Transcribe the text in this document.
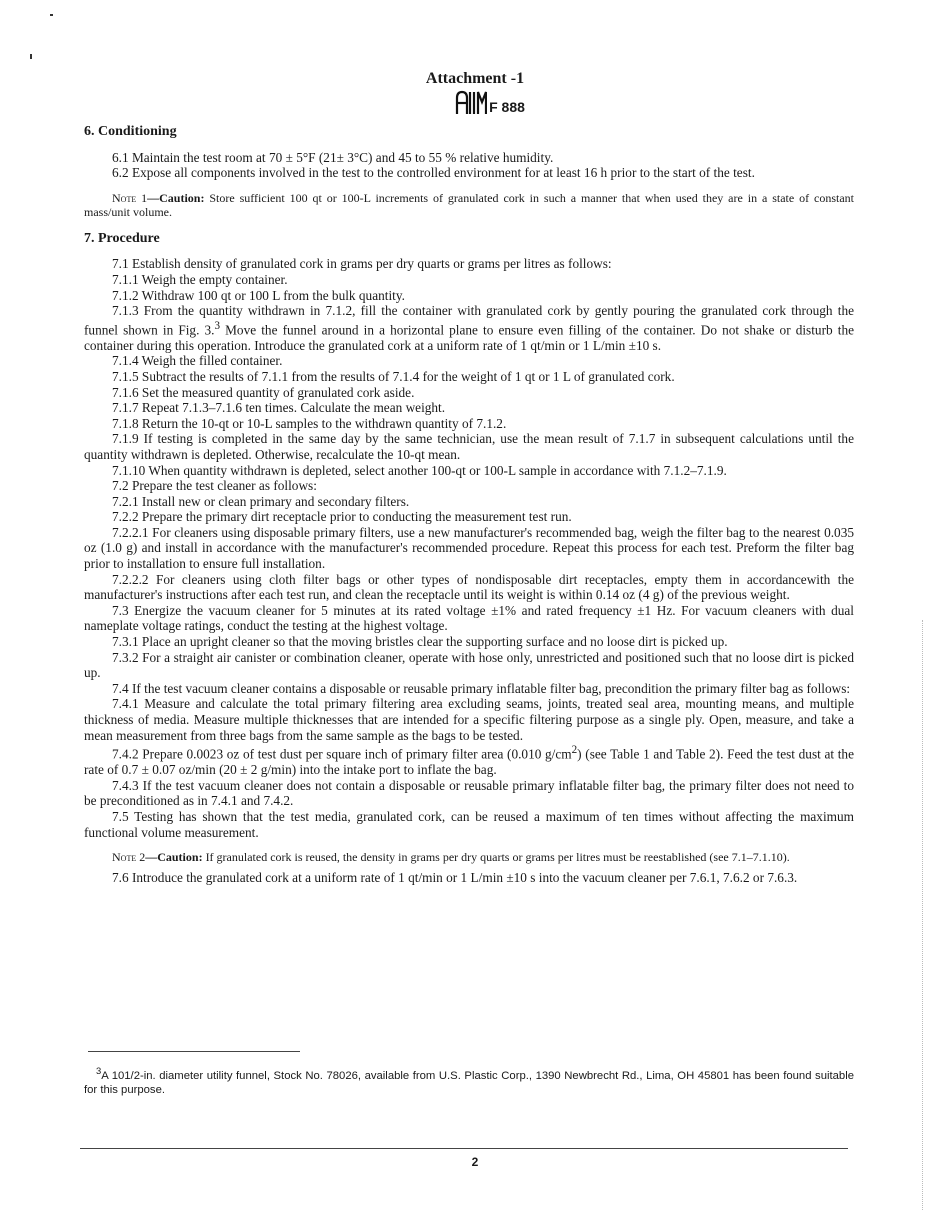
Attachment -1
F 888

6. Conditioning

6.1 Maintain the test room at 70 ± 5°F (21± 3°C) and 45 to 55 % relative humidity.

6.2 Expose all components involved in the test to the controlled environment for at least 16 h prior to the start of the test.

Note 1—Caution: Store sufficient 100 qt or 100-L increments of granulated cork in such a manner that when used they are in a state of constant mass/unit volume.

7. Procedure

7.1 Establish density of granulated cork in grams per dry quarts or grams per litres as follows:

7.1.1 Weigh the empty container.

7.1.2 Withdraw 100 qt or 100 L from the bulk quantity.

7.1.3 From the quantity withdrawn in 7.1.2, fill the container with granulated cork by gently pouring the granulated cork through the funnel shown in Fig. 3.$^3$ Move the funnel around in a horizontal plane to ensure even filling of the container. Do not shake or disturb the container during this operation. Introduce the granulated cork at a uniform rate of 1 qt/min or 1 L/min ±10 s.

7.1.4 Weigh the filled container.

7.1.5 Subtract the results of 7.1.1 from the results of 7.1.4 for the weight of 1 qt or 1 L of granulated cork.

7.1.6 Set the measured quantity of granulated cork aside.

7.1.7 Repeat 7.1.3–7.1.6 ten times. Calculate the mean weight.

7.1.8 Return the 10-qt or 10-L samples to the withdrawn quantity of 7.1.2.

7.1.9 If testing is completed in the same day by the same technician, use the mean result of 7.1.7 in subsequent calculations until the quantity withdrawn is depleted. Otherwise, recalculate the 10-qt mean.

7.1.10 When quantity withdrawn is depleted, select another 100-qt or 100-L sample in accordance with 7.1.2–7.1.9.

7.2 Prepare the test cleaner as follows:

7.2.1 Install new or clean primary and secondary filters.

7.2.2 Prepare the primary dirt receptacle prior to conducting the measurement test run.

7.2.2.1 For cleaners using disposable primary filters, use a new manufacturer's recommended bag, weigh the filter bag to the nearest 0.035 oz (1.0 g) and install in accordance with the manufacturer's recommended procedure. Repeat this process for each test. Preform the filter bag prior to installation to ensure full installation.

7.2.2.2 For cleaners using cloth filter bags or other types of nondisposable dirt receptacles, empty them in accordancewith the manufacturer's instructions after each test run, and clean the receptacle until its weight is within 0.14 oz (4 g) of the previous weight.

7.3 Energize the vacuum cleaner for 5 minutes at its rated voltage ±1% and rated frequency ±1 Hz. For vacuum cleaners with dual nameplate voltage ratings, conduct the testing at the highest voltage.

7.3.1 Place an upright cleaner so that the moving bristles clear the supporting surface and no loose dirt is picked up.

7.3.2 For a straight air canister or combination cleaner, operate with hose only, unrestricted and positioned such that no loose dirt is picked up.

7.4 If the test vacuum cleaner contains a disposable or reusable primary inflatable filter bag, precondition the primary filter bag as follows:

7.4.1 Measure and calculate the total primary filtering area excluding seams, joints, treated seal area, mounting means, and multiple thickness of media. Measure multiple thicknesses that are intended for a specific filtering purpose as a single ply. Open, measure, and take a mean measurement from three bags from the same sample as the bags to be tested.

7.4.2 Prepare 0.0023 oz of test dust per square inch of primary filter area (0.010 $g/cm^2$) (see Table 1 and Table 2). Feed the test dust at the rate of 0.7 ± 0.07 oz/min (20 ± 2 g/min) into the intake port to inflate the bag.

7.4.3 If the test vacuum cleaner does not contain a disposable or reusable primary inflatable filter bag, the primary filter does not need to be preconditioned as in 7.4.1 and 7.4.2.

7.5 Testing has shown that the test media, granulated cork, can be reused a maximum of ten times without affecting the maximum functional volume measurement.

Note 2—Caution: If granulated cork is reused, the density in grams per dry quarts or grams per litres must be reestablished (see 7.1–7.1.10).

7.6 Introduce the granulated cork at a uniform rate of 1 qt/min or 1 L/min ±10 s into the vacuum cleaner per 7.6.1, 7.6.2 or 7.6.3.

$^3$A 101/2-in. diameter utility funnel, Stock No. 78026, available from U.S. Plastic Corp., 1390 Newbrecht Rd., Lima, OH 45801 has been found suitable for this purpose.
2
